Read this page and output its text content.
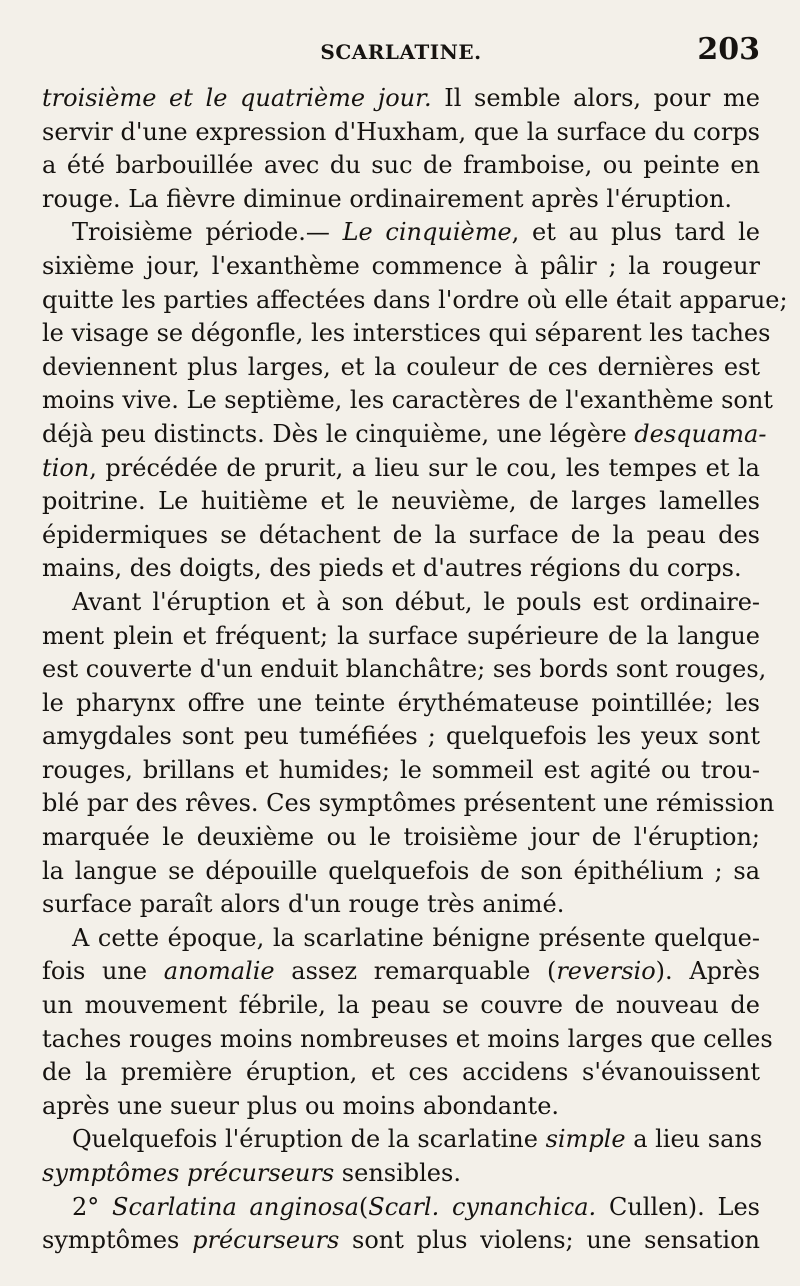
SCARLATINE.	203
troisième et le quatrième jour. Il semble alors, pour me
servir d'une expression d'Huxham, que la surface du corps
a été barbouillée avec du suc de framboise, ou peinte en
rouge. La fièvre diminue ordinairement après l'éruption.
Troisième période.— Le cinquième, et au plus tard le
sixième jour, l'exanthème commence à pâlir ; la rougeur
quitte les parties affectées dans l'ordre où elle était apparue;
le visage se dégonfle, les interstices qui séparent les taches
deviennent plus larges, et la couleur de ces dernières est
moins vive. Le septième, les caractères de l'exanthème sont
déjà peu distincts. Dès le cinquième, une légère desquama-
tion, précédée de prurit, a lieu sur le cou, les tempes et la
poitrine. Le huitième et le neuvième, de larges lamelles
épidermiques se détachent de la surface de la peau des
mains, des doigts, des pieds et d'autres régions du corps.
Avant l'éruption et à son début, le pouls est ordinaire-
ment plein et fréquent; la surface supérieure de la langue
est couverte d'un enduit blanchâtre; ses bords sont rouges,
le pharynx offre une teinte érythémateuse pointillée; les
amygdales sont peu tuméfiées ; quelquefois les yeux sont
rouges, brillans et humides; le sommeil est agité ou trou-
blé par des rêves. Ces symptômes présentent une rémission
marquée le deuxième ou le troisième jour de l'éruption;
la langue se dépouille quelquefois de son épithélium ; sa
surface paraît alors d'un rouge très animé.
A cette époque, la scarlatine bénigne présente quelque-
fois une anomalie assez remarquable (reversio). Après
un mouvement fébrile, la peau se couvre de nouveau de
taches rouges moins nombreuses et moins larges que celles
de la première éruption, et ces accidens s'évanouissent
après une sueur plus ou moins abondante.
Quelquefois l'éruption de la scarlatine simple a lieu sans
symptômes précurseurs sensibles.
2° Scarlatina anginosa(Scarl. cynanchica. Cullen). Les
symptômes précurseurs sont plus violens; une sensation
